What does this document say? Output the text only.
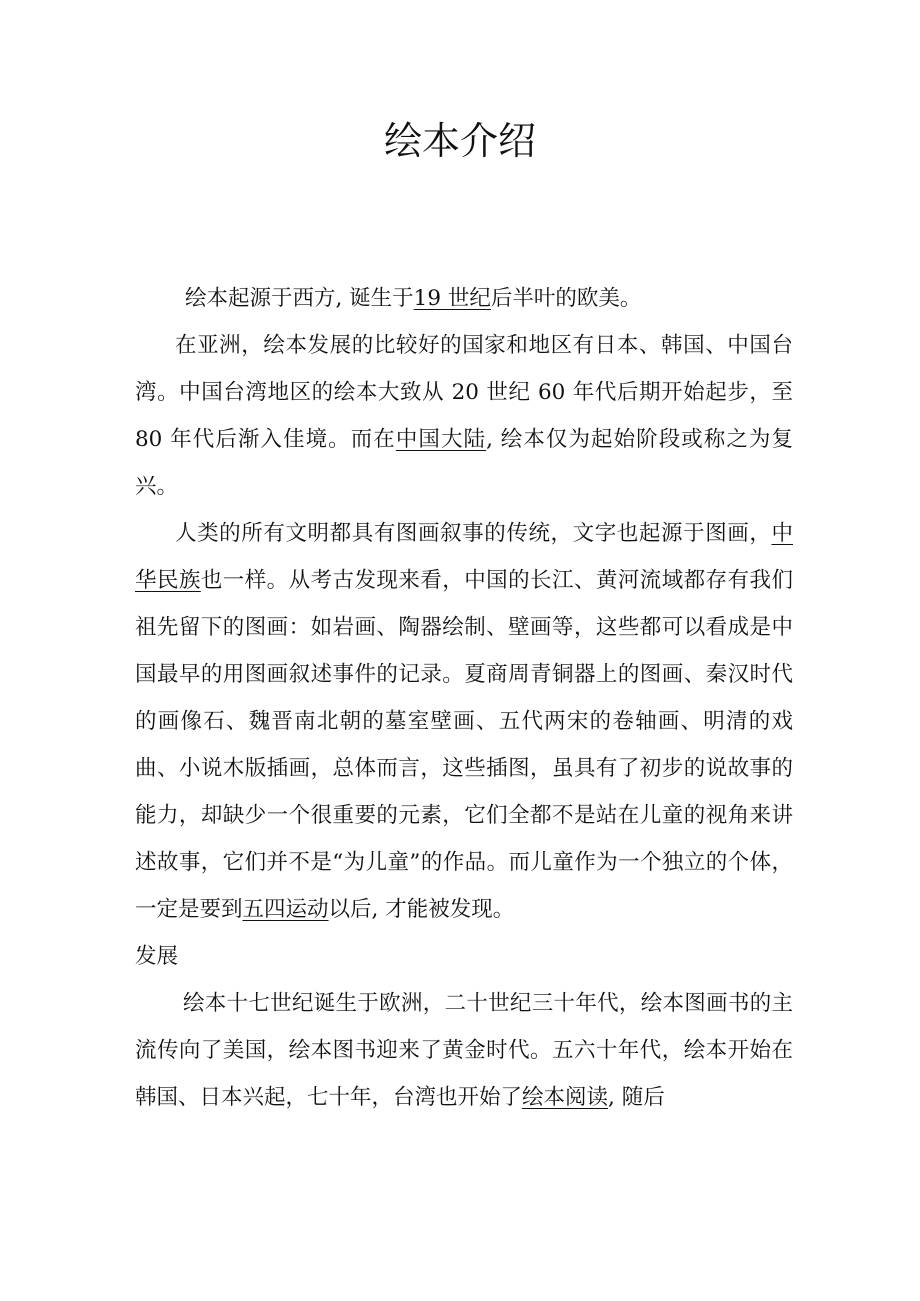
绘本介绍

绘本起源于西方, 诞生于19 世纪后半叶的欧美。

在亚洲，绘本发展的比较好的国家和地区有日本、韩国、中国台湾。中国台湾地区的绘本大致从 20 世纪 60 年代后期开始起步，至 80 年代后渐入佳境。而在中国大陆, 绘本仅为起始阶段或称之为复兴。

人类的所有文明都具有图画叙事的传统，文字也起源于图画，中华民族也一样。从考古发现来看，中国的长江、黄河流域都存有我们祖先留下的图画：如岩画、陶器绘制、壁画等，这些都可以看成是中国最早的用图画叙述事件的记录。夏商周青铜器上的图画、秦汉时代的画像石、魏晋南北朝的墓室壁画、五代两宋的卷轴画、明清的戏曲、小说木版插画，总体而言，这些插图，虽具有了初步的说故事的能力，却缺少一个很重要的元素，它们全都不是站在儿童的视角来讲述故事，它们并不是“为儿童”的作品。而儿童作为一个独立的个体，一定是要到五四运动以后, 才能被发现。

发展

绘本十七世纪诞生于欧洲，二十世纪三十年代，绘本图画书的主流传向了美国，绘本图书迎来了黄金时代。五六十年代，绘本开始在韩国、日本兴起，七十年，台湾也开始了绘本阅读, 随后
